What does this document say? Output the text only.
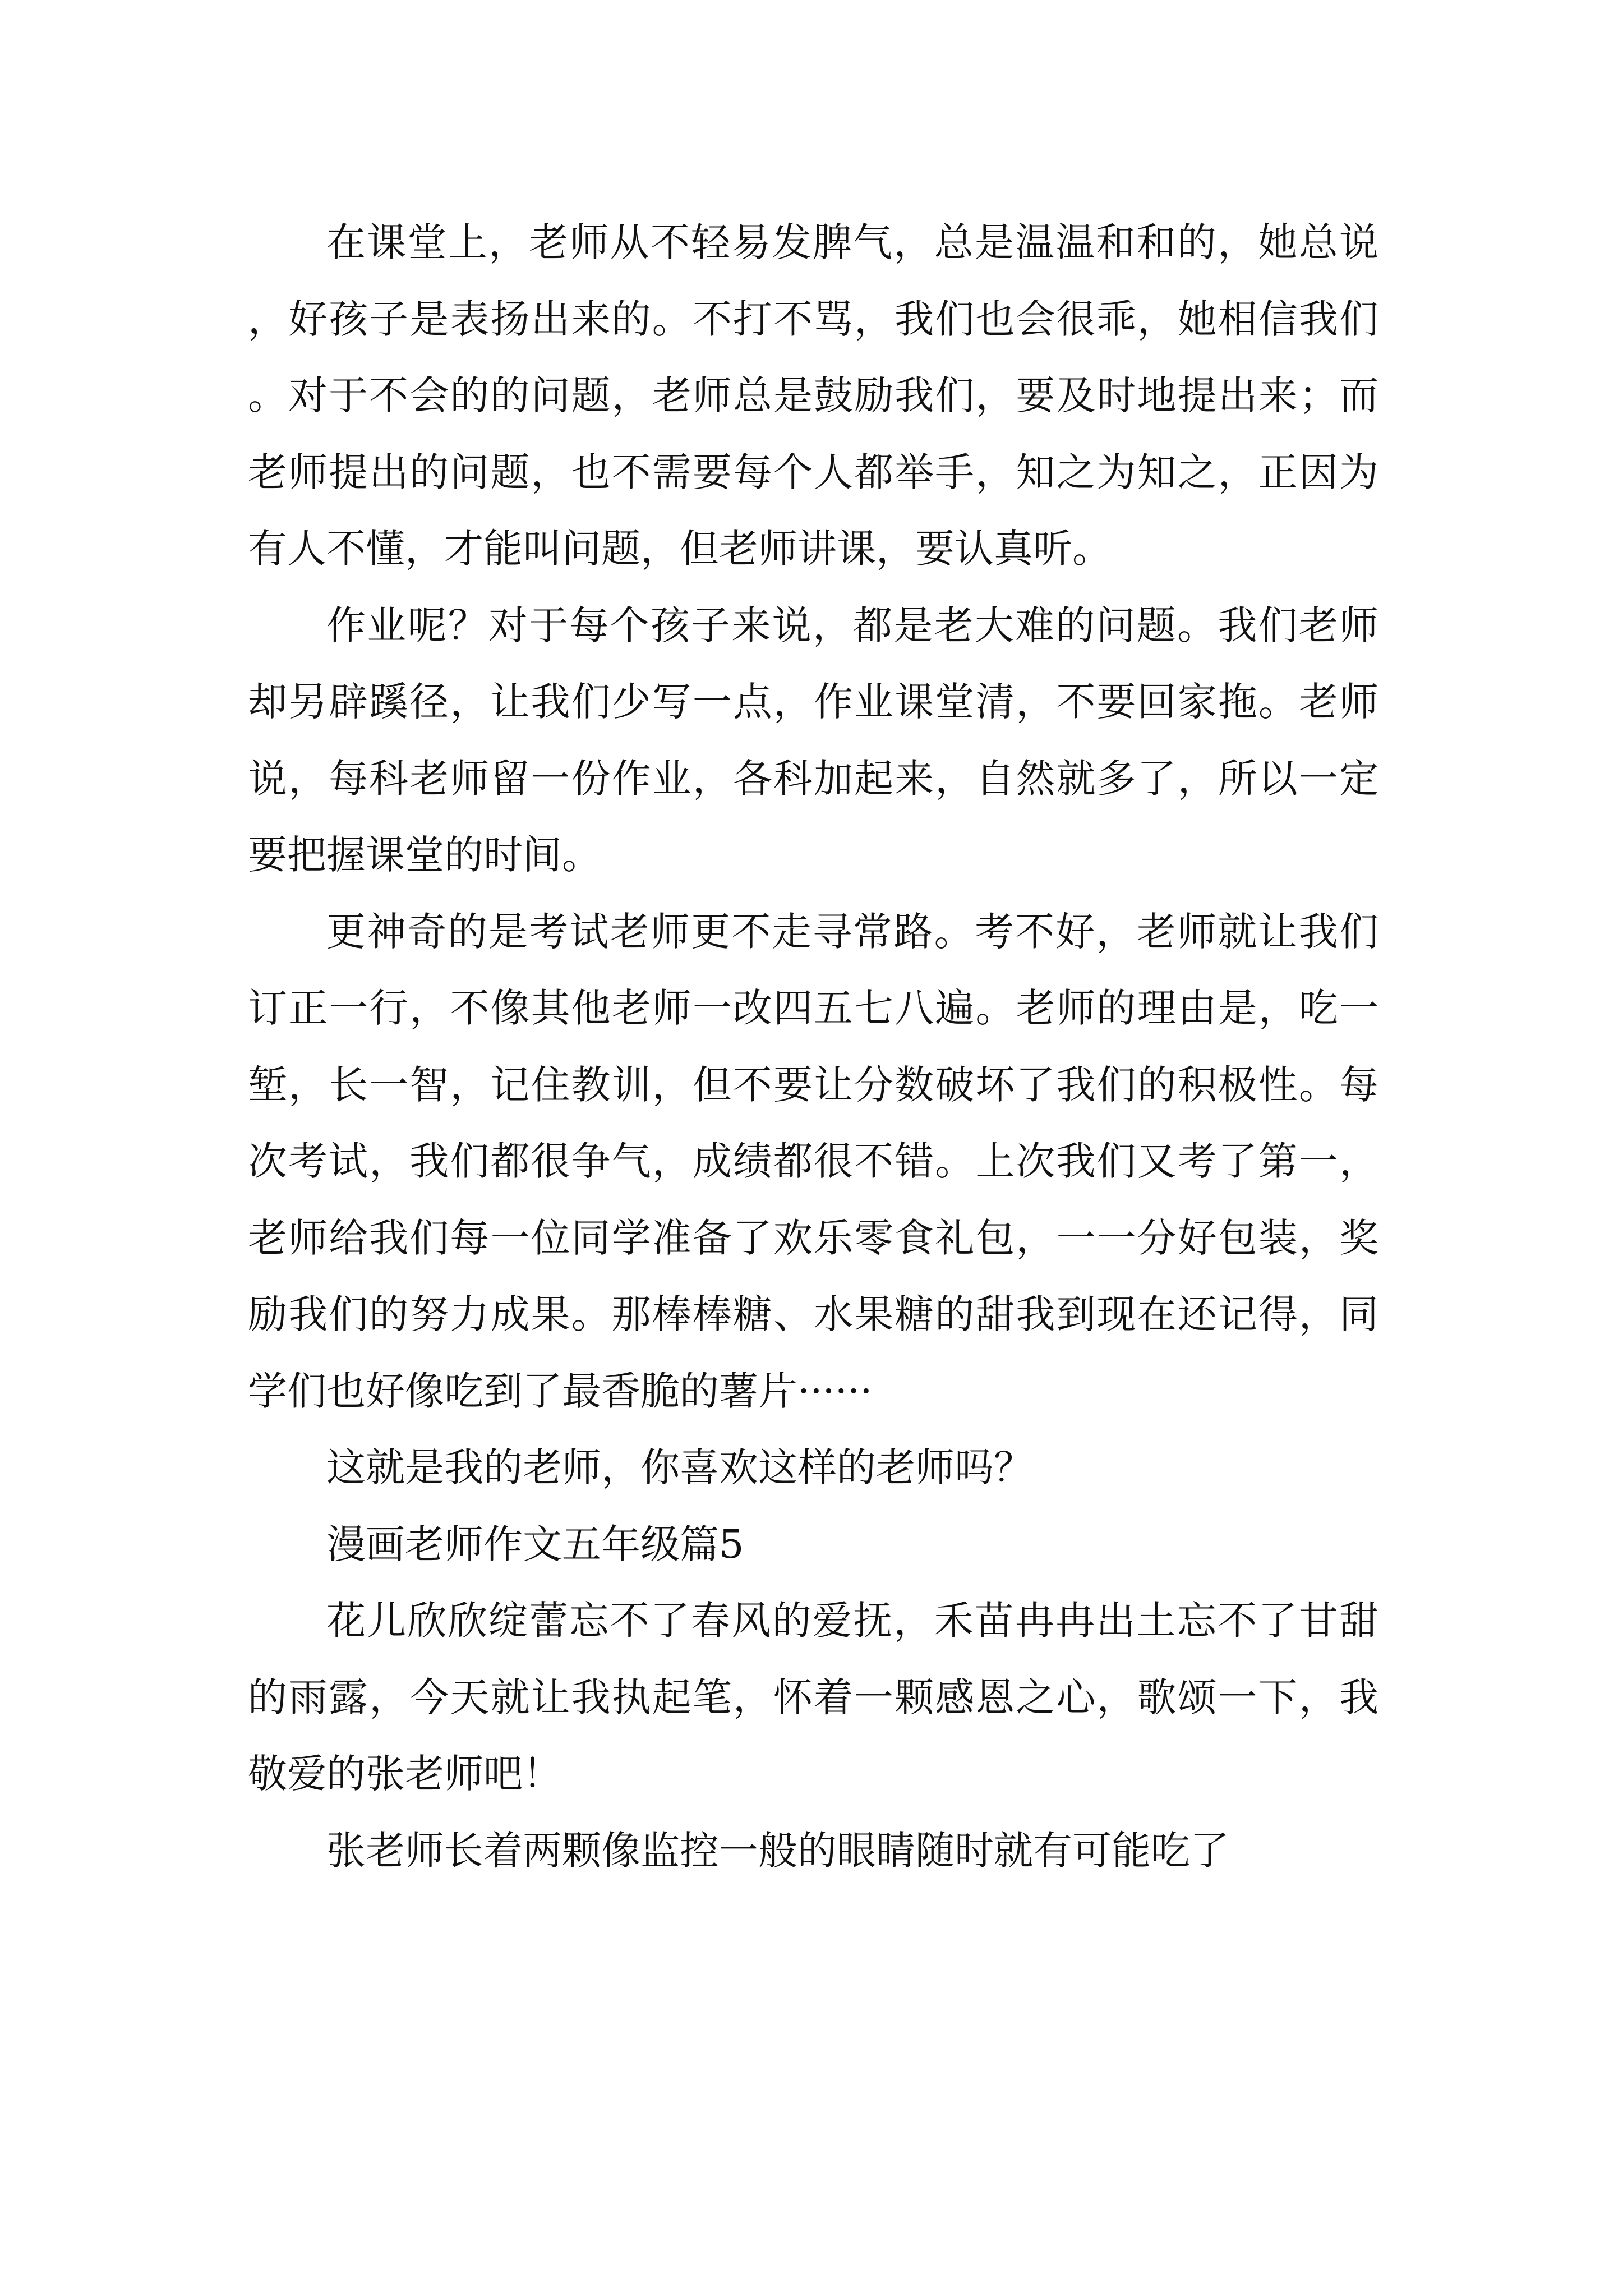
在课堂上，老师从不轻易发脾气，总是温温和和的，她总说，好孩子是表扬出来的。不打不骂，我们也会很乖，她相信我们。对于不会的的问题，老师总是鼓励我们，要及时地提出来；而老师提出的问题，也不需要每个人都举手，知之为知之，正因为有人不懂，才能叫问题，但老师讲课，要认真听。

作业呢？对于每个孩子来说，都是老大难的问题。我们老师却另辟蹊径，让我们少写一点，作业课堂清，不要回家拖。老师说，每科老师留一份作业，各科加起来，自然就多了，所以一定要把握课堂的时间。

更神奇的是考试老师更不走寻常路。考不好，老师就让我们订正一行，不像其他老师一改四五七八遍。老师的理由是，吃一堑，长一智，记住教训，但不要让分数破坏了我们的积极性。每次考试，我们都很争气，成绩都很不错。上次我们又考了第一，老师给我们每一位同学准备了欢乐零食礼包，一一分好包装，奖励我们的努力成果。那棒棒糖、水果糖的甜我到现在还记得，同学们也好像吃到了最香脆的薯片······

这就是我的老师，你喜欢这样的老师吗？

漫画老师作文五年级篇5

花儿欣欣绽蕾忘不了春风的爱抚，禾苗冉冉出土忘不了甘甜的雨露，今天就让我执起笔，怀着一颗感恩之心，歌颂一下，我敬爱的张老师吧！

张老师长着两颗像监控一般的眼睛随时就有可能吃了
